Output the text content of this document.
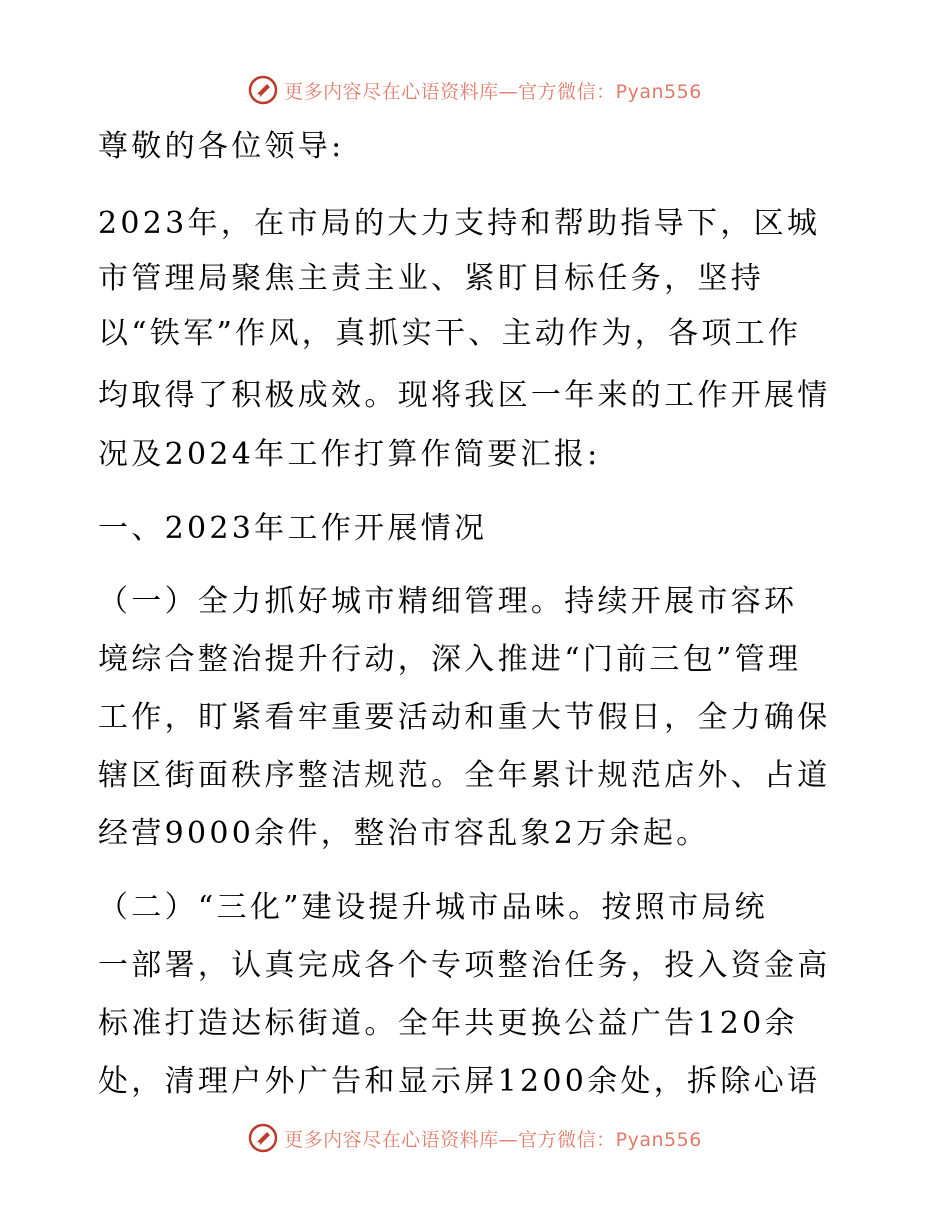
更多内容尽在心语资料库—官方微信：Pyan556
尊敬的各位领导:
2023年，在市局的大力支持和帮助指导下，区城
市管理局聚焦主责主业、紧盯目标任务，坚持
以“铁军”作风，真抓实干、主动作为，各项工作
均取得了积极成效。现将我区一年来的工作开展情
况及2024年工作打算作简要汇报:
一、2023年工作开展情况
（一）全力抓好城市精细管理。持续开展市容环
境综合整治提升行动，深入推进“门前三包”管理
工作，盯紧看牢重要活动和重大节假日，全力确保
辖区街面秩序整洁规范。全年累计规范店外、占道
经营9000余件，整治市容乱象2万余起。
（二）“三化”建设提升城市品味。按照市局统
一部署，认真完成各个专项整治任务，投入资金高
标准打造达标街道。全年共更换公益广告120余
处，清理户外广告和显示屏1200余处，拆除心语
更多内容尽在心语资料库—官方微信：Pyan556
